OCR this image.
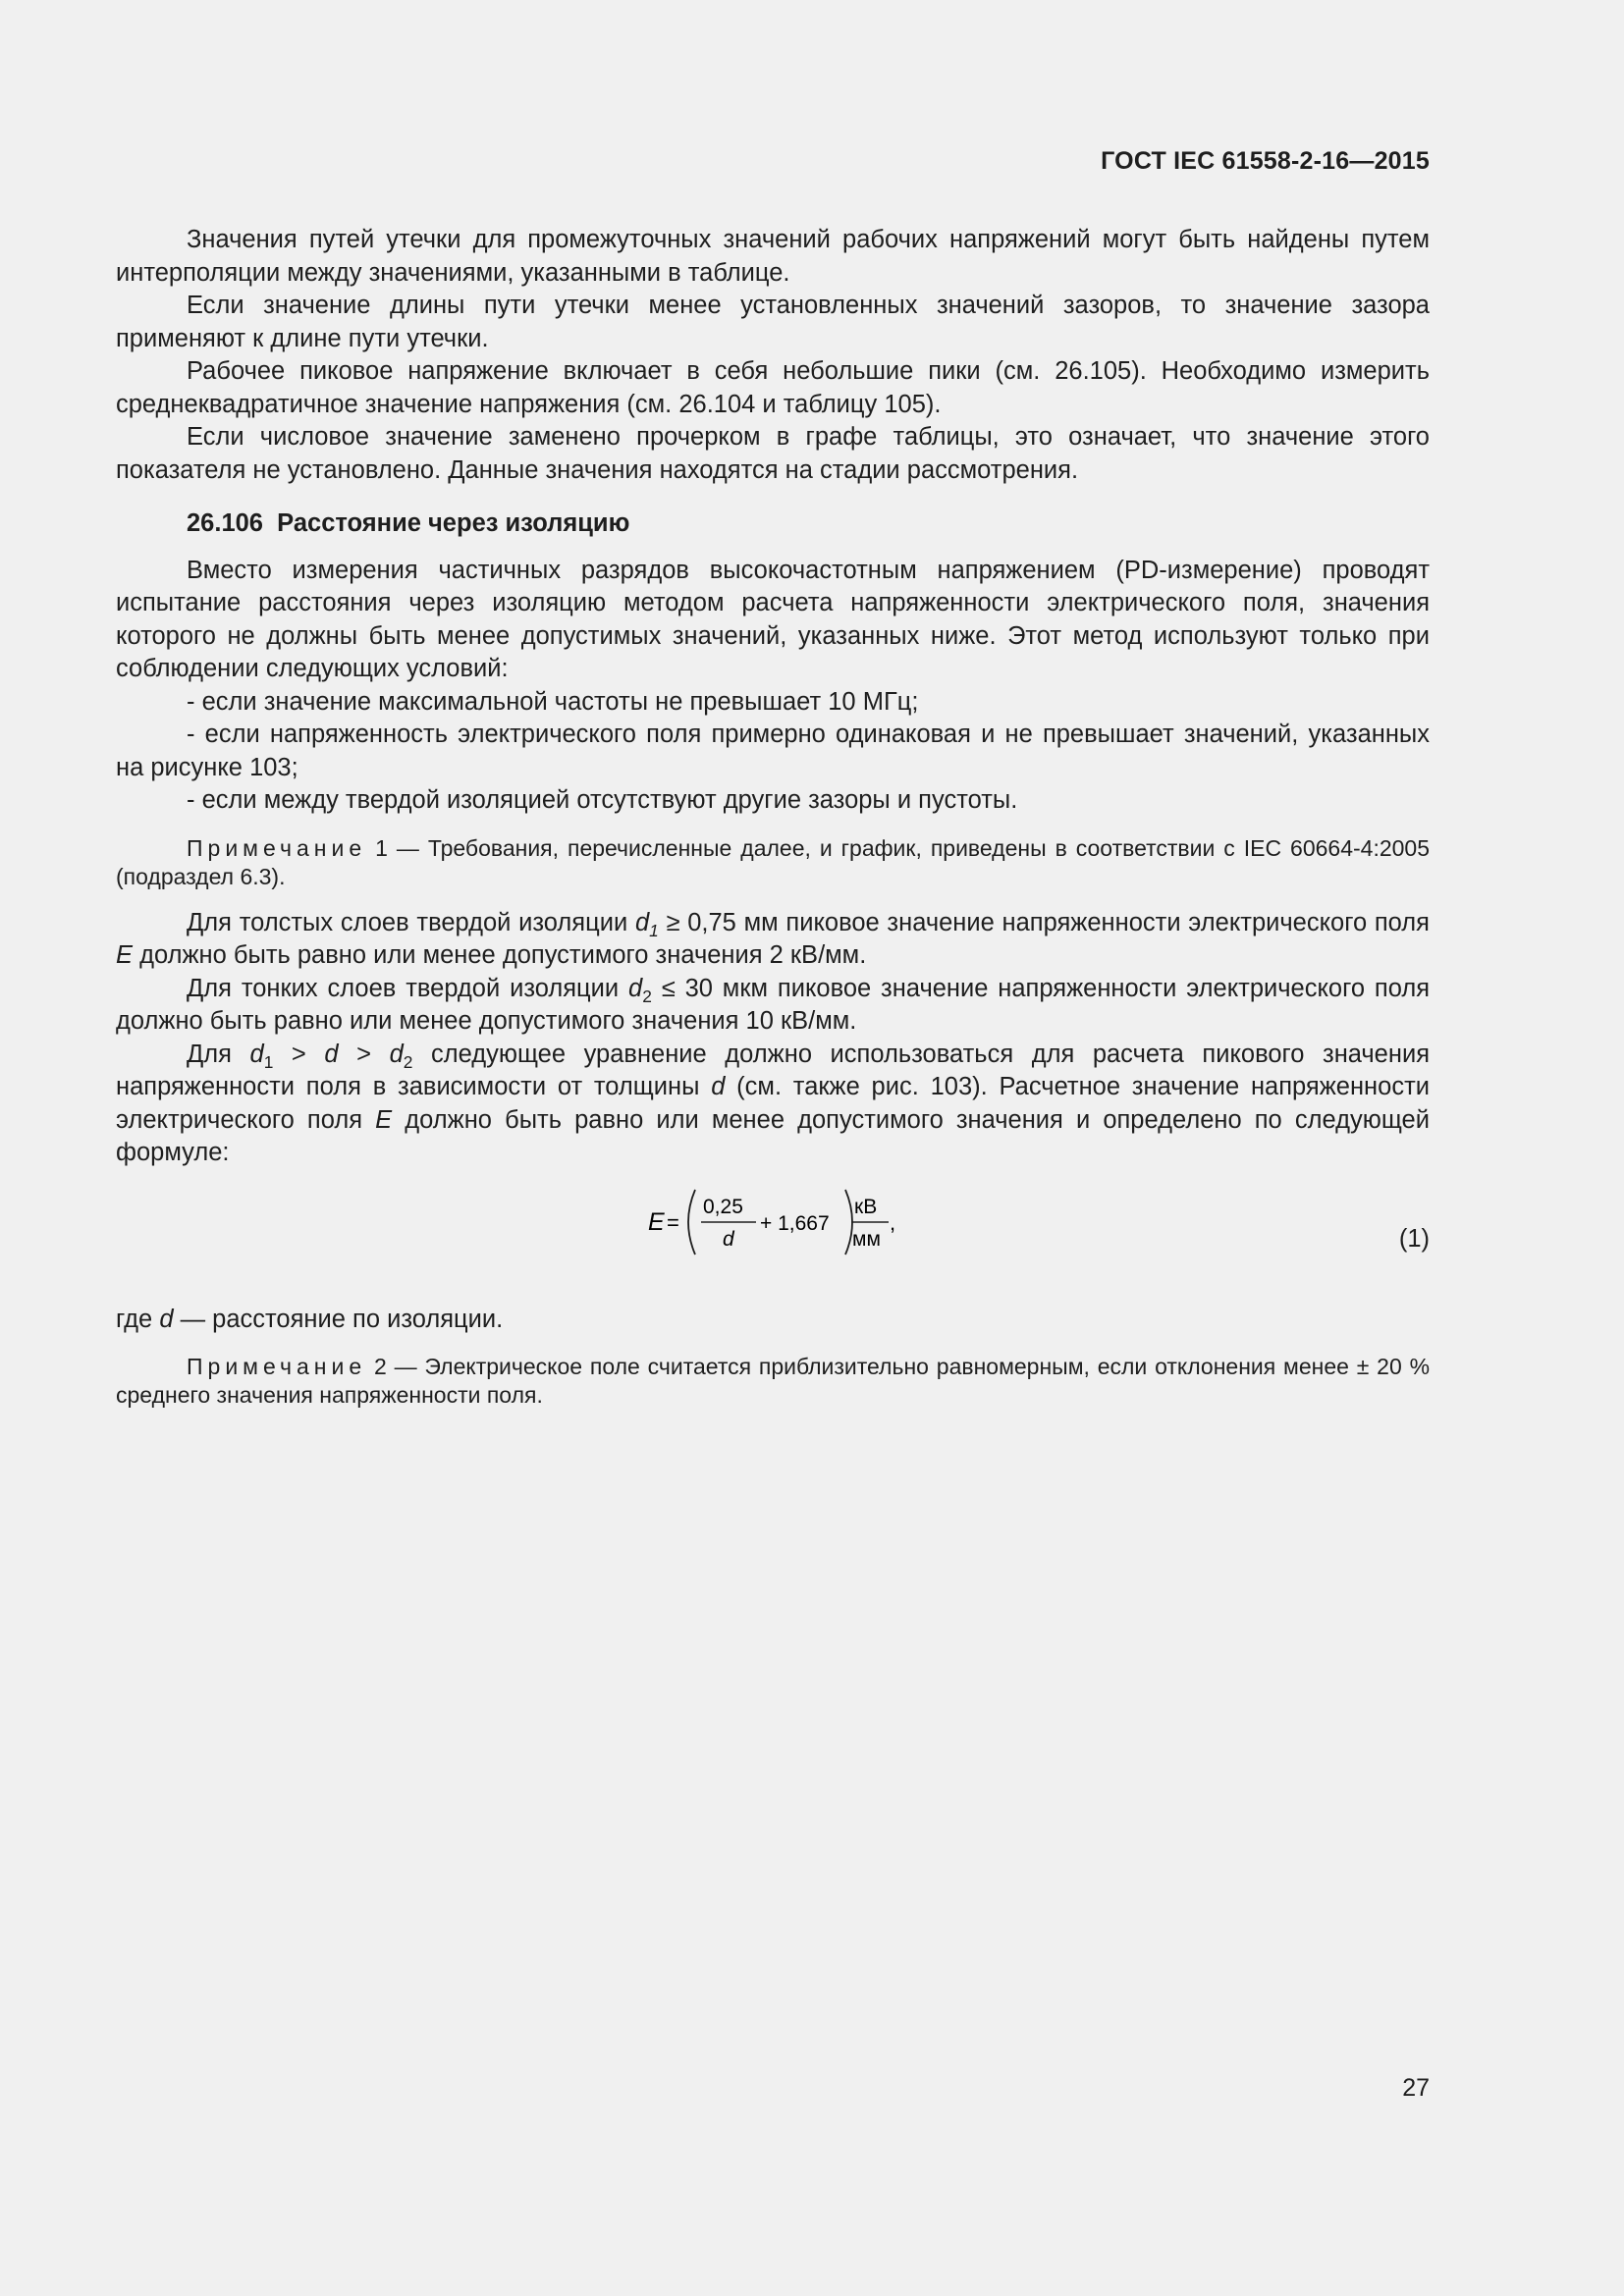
ГОСТ IEC 61558-2-16—2015

Значения путей утечки для промежуточных значений рабочих напряжений могут быть найдены путем интерполяции между значениями, указанными в таблице.

Если значение длины пути утечки менее установленных значений зазоров, то значение зазора применяют к длине пути утечки.

Рабочее пиковое напряжение включает в себя небольшие пики (см. 26.105). Необходимо измерить среднеквадратичное значение напряжения (см. 26.104 и таблицу 105).

Если числовое значение заменено прочерком в графе таблицы, это означает, что значение этого показателя не установлено. Данные значения находятся на стадии рассмотрения.

26.106 Расстояние через изоляцию

Вместо измерения частичных разрядов высокочастотным напряжением (PD-измерение) проводят испытание расстояния через изоляцию методом расчета напряженности электрического поля, значения которого не должны быть менее допустимых значений, указанных ниже. Этот метод используют только при соблюдении следующих условий:

- если значение максимальной частоты не превышает 10 МГц;

- если напряженность электрического поля примерно одинаковая и не превышает значений, указанных на рисунке 103;

- если между твердой изоляцией отсутствуют другие зазоры и пустоты.

Примечание 1 — Требования, перечисленные далее, и график, приведены в соответствии с IEC 60664-4:2005 (подраздел 6.3).

Для толстых слоев твердой изоляции $d_1 \ge 0,75$ мм пиковое значение напряженности электрического поля E должно быть равно или менее допустимого значения 2 кВ/мм.

Для тонких слоев твердой изоляции $d_2 \le 30$ мкм пиковое значение напряженности электрического поля должно быть равно или менее допустимого значения 10 кВ/мм.

Для $d_1 > d > d_2$ следующее уравнение должно использоваться для расчета пикового значения напряженности поля в зависимости от толщины d (см. также рис. 103). Расчетное значение напряженности электрического поля E должно быть равно или менее допустимого значения и определено по следующей формуле:

E =
0,25
d
+ 1,667
кВ
мм
,
(1)

где d — расстояние по изоляции.

Примечание 2 — Электрическое поле считается приблизительно равномерным, если отклонения менее ± 20 % среднего значения напряженности поля.

27
